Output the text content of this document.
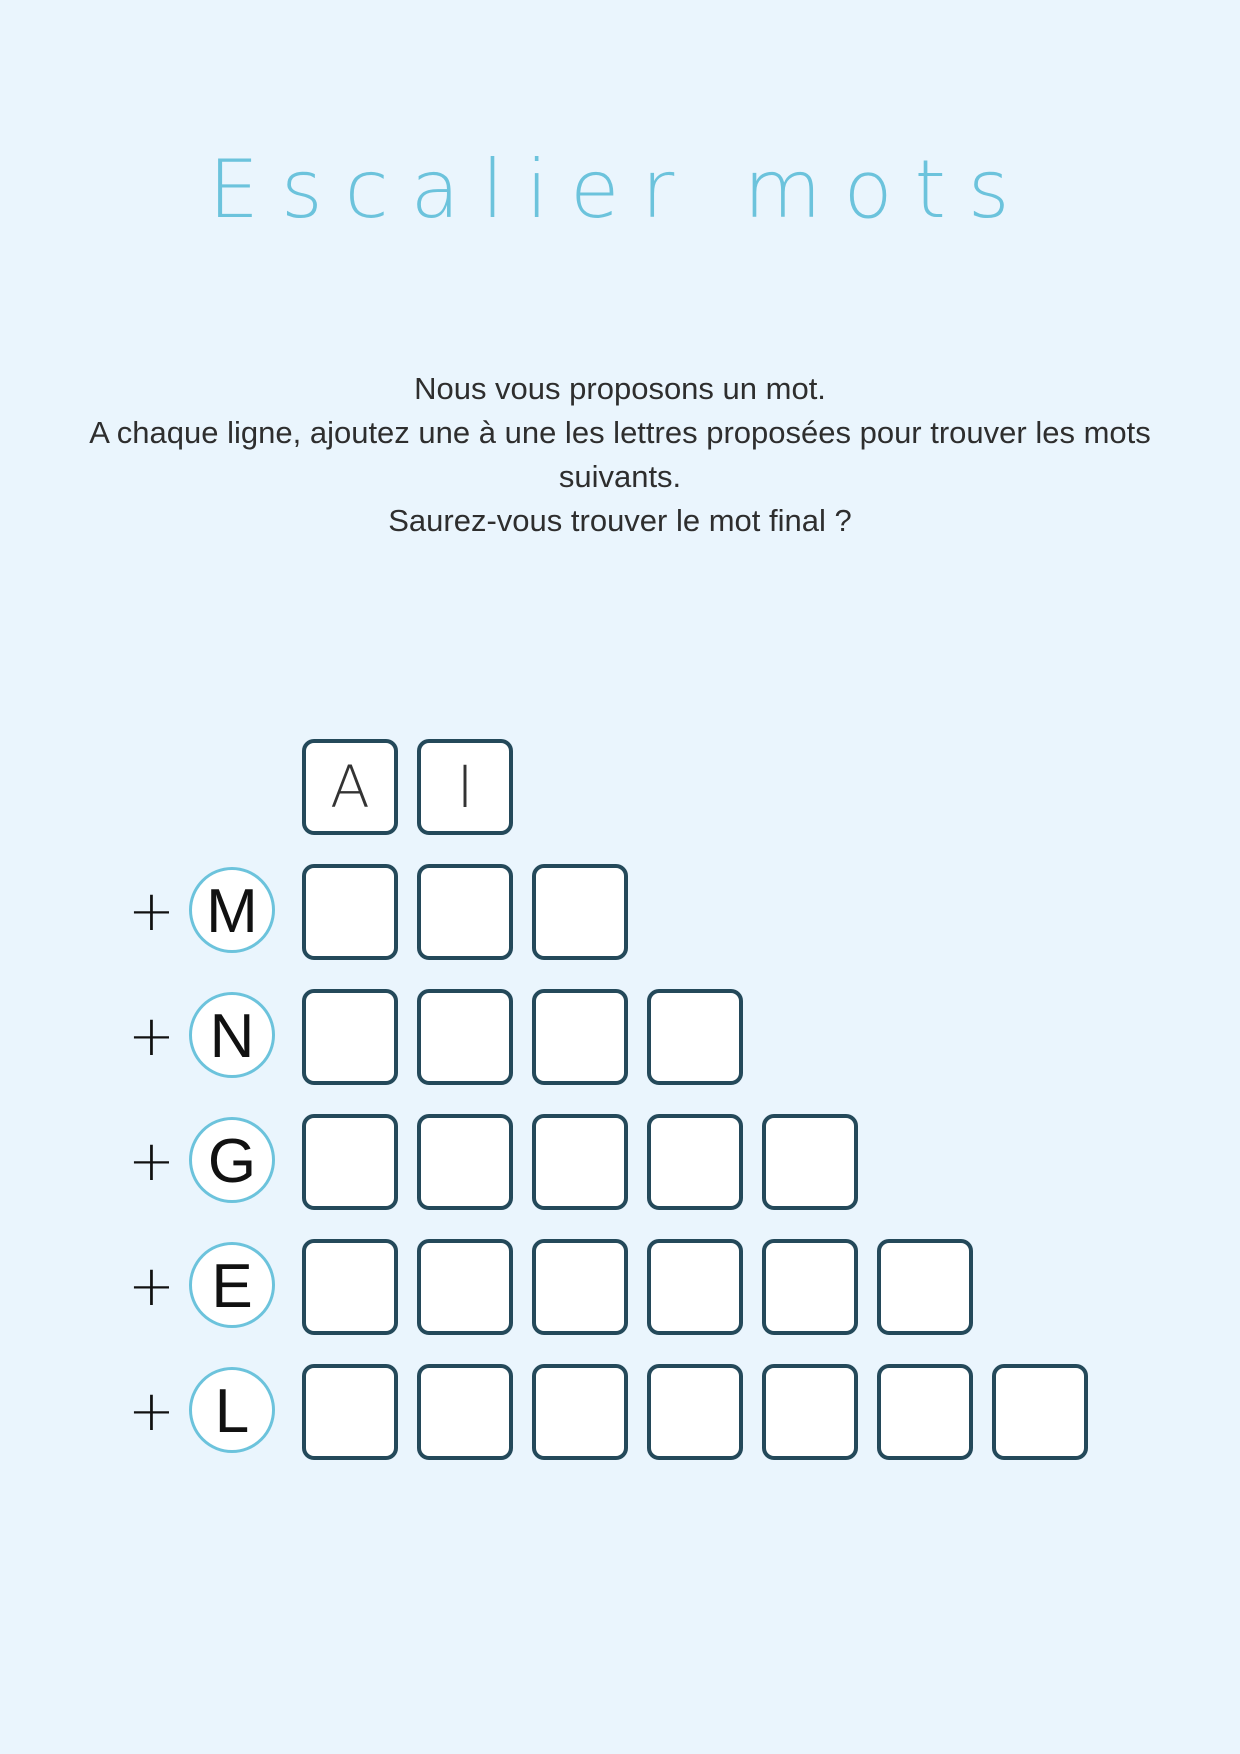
Escalier mots
Nous vous proposons un mot.
A chaque ligne, ajoutez une à une les lettres proposées pour trouver les mots
suivants.
Saurez-vous trouver le mot final ?
A	I
+ M
+ N
+ G
+ E
+ L
